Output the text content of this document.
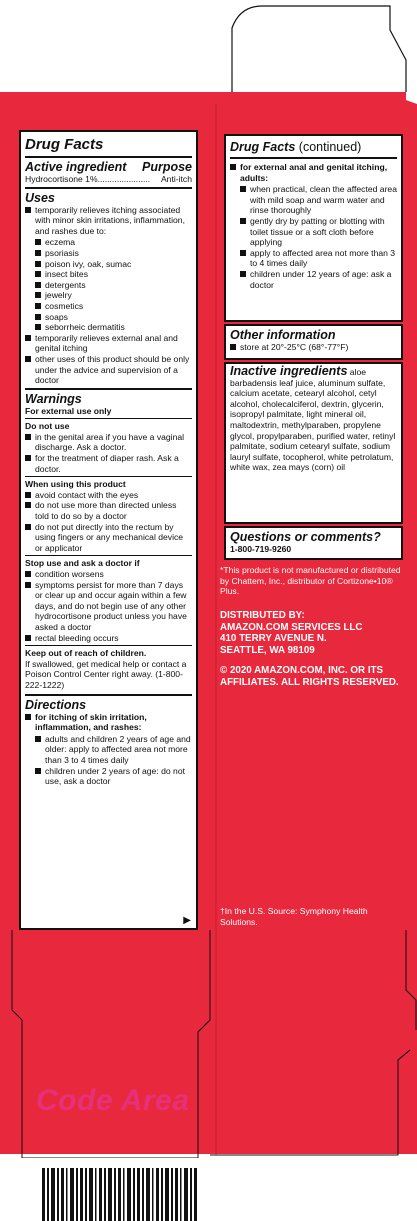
Code Area
Drug Facts
Active ingredient Purpose
Hydrocortisone 1% ......................	Anti-itch
Uses
temporarily relieves itching associated with minor skin irritations, inflammation, and rashes due to:
eczema
psoriasis
poison ivy, oak, sumac
insect bites
detergents
jewelry
cosmetics
soaps
seborrheic dermatitis
temporarily relieves external anal and genital itching
other uses of this product should be only under the advice and supervision of a doctor
Warnings
For external use only
Do not use
in the genital area if you have a vaginal discharge. Ask a doctor.
for the treatment of diaper rash. Ask a doctor.
When using this product
avoid contact with the eyes
do not use more than directed unless told to do so by a doctor
do not put directly into the rectum by using fingers or any mechanical device or applicator
Stop use and ask a doctor if
condition worsens
symptoms persist for more than 7 days or clear up and occur again within a few days, and do not begin use of any other hydrocortisone product unless you have asked a doctor
rectal bleeding occurs
Keep out of reach of children.
If swallowed, get medical help or contact a Poison Control Center right away. (1-800-222-1222)
Directions
for itching of skin irritation, inflammation, and rashes:
adults and children 2 years of age and older: apply to affected area not more than 3 to 4 times daily
children under 2 years of age: do not use, ask a doctor
▶
Drug Facts (continued)
for external anal and genital itching, adults:
when practical, clean the affected area with mild soap and warm water and rinse thoroughly
gently dry by patting or blotting with toilet tissue or a soft cloth before applying
apply to affected area not more than 3 to 4 times daily
children under 12 years of age: ask a doctor
Other information
store at 20°-25°C (68°-77°F)
Inactive ingredients aloe barbadensis leaf juice, aluminum sulfate, calcium acetate, cetearyl alcohol, cetyl alcohol, cholecalciferol, dextrin, glycerin, isopropyl palmitate, light mineral oil, maltodextrin, methylparaben, propylene glycol, propylparaben, purified water, retinyl palmitate, sodium cetearyl sulfate, sodium lauryl sulfate, tocopherol, white petrolatum, white wax, zea mays (corn) oil
Questions or comments?
1-800-719-9260
*This product is not manufactured or distributed by Chattem, Inc., distributor of Cortizone•10® Plus.
DISTRIBUTED BY:
AMAZON.COM SERVICES LLC
410 TERRY AVENUE N.
SEATTLE, WA 98109
© 2020 AMAZON.COM, INC. OR ITS AFFILIATES. ALL RIGHTS RESERVED.
†In the U.S. Source: Symphony Health Solutions.
